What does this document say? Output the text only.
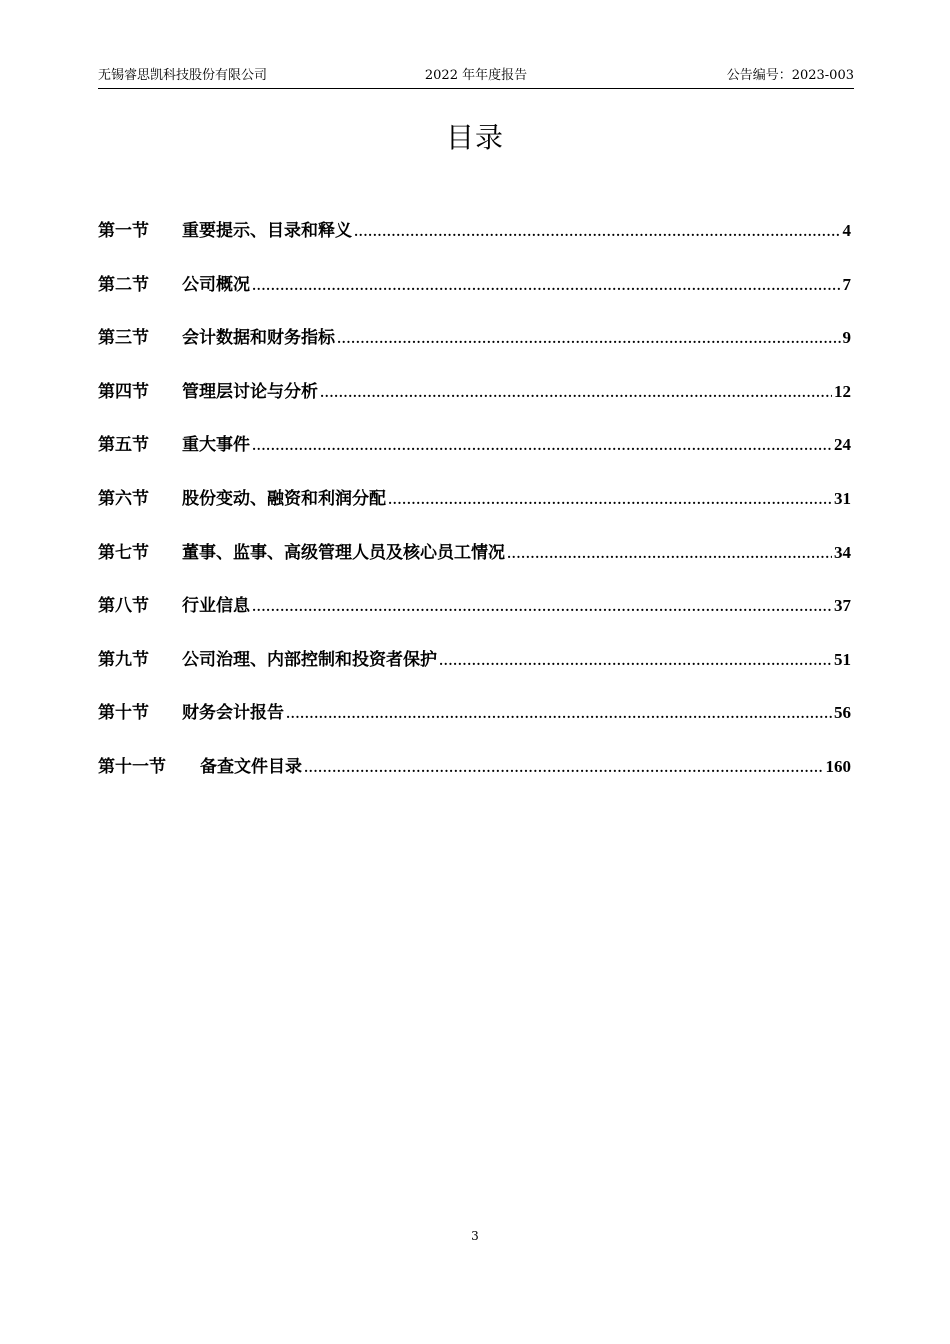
无锡睿思凯科技股份有限公司	2022 年年度报告	公告编号：2023-003
目录
第一节	重要提示、目录和释义 .....	4
第二节	公司概况 .....	7
第三节	会计数据和财务指标 .....	9
第四节	管理层讨论与分析 .....	12
第五节	重大事件 .....	24
第六节	股份变动、融资和利润分配 .....	31
第七节	董事、监事、高级管理人员及核心员工情况 .....	34
第八节	行业信息 .....	37
第九节	公司治理、内部控制和投资者保护 .....	51
第十节	财务会计报告 .....	56
第十一节	备查文件目录 .....	160
3
